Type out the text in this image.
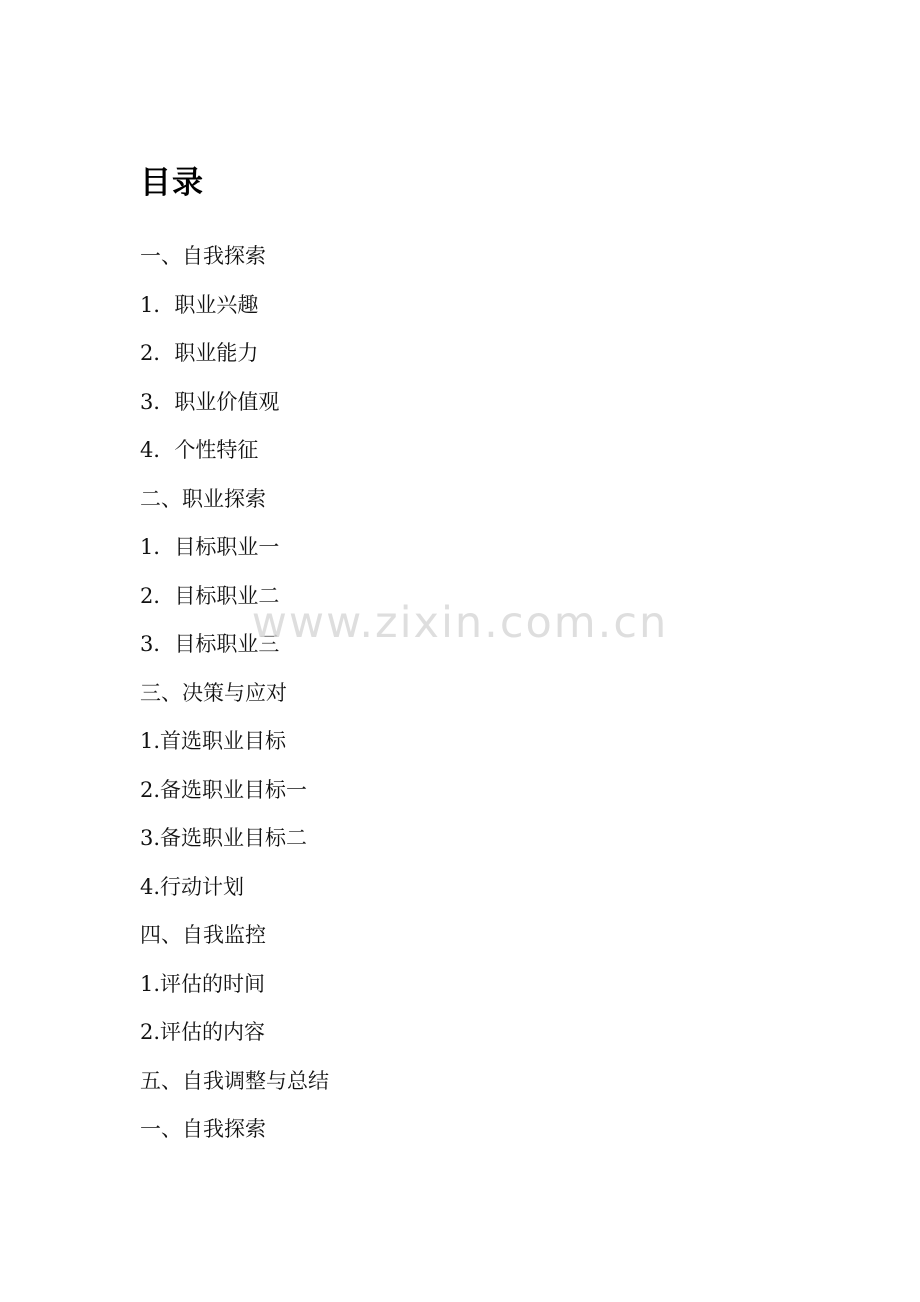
目录
一、自我探索
1．职业兴趣
2．职业能力
3．职业价值观
4．个性特征
二、职业探索
1．目标职业一
2．目标职业二
3．目标职业三
三、决策与应对
1.首选职业目标
2.备选职业目标一
3.备选职业目标二
4.行动计划
四、自我监控
1.评估的时间
2.评估的内容
五、自我调整与总结
一、自我探索
www.zixin.com.cn
